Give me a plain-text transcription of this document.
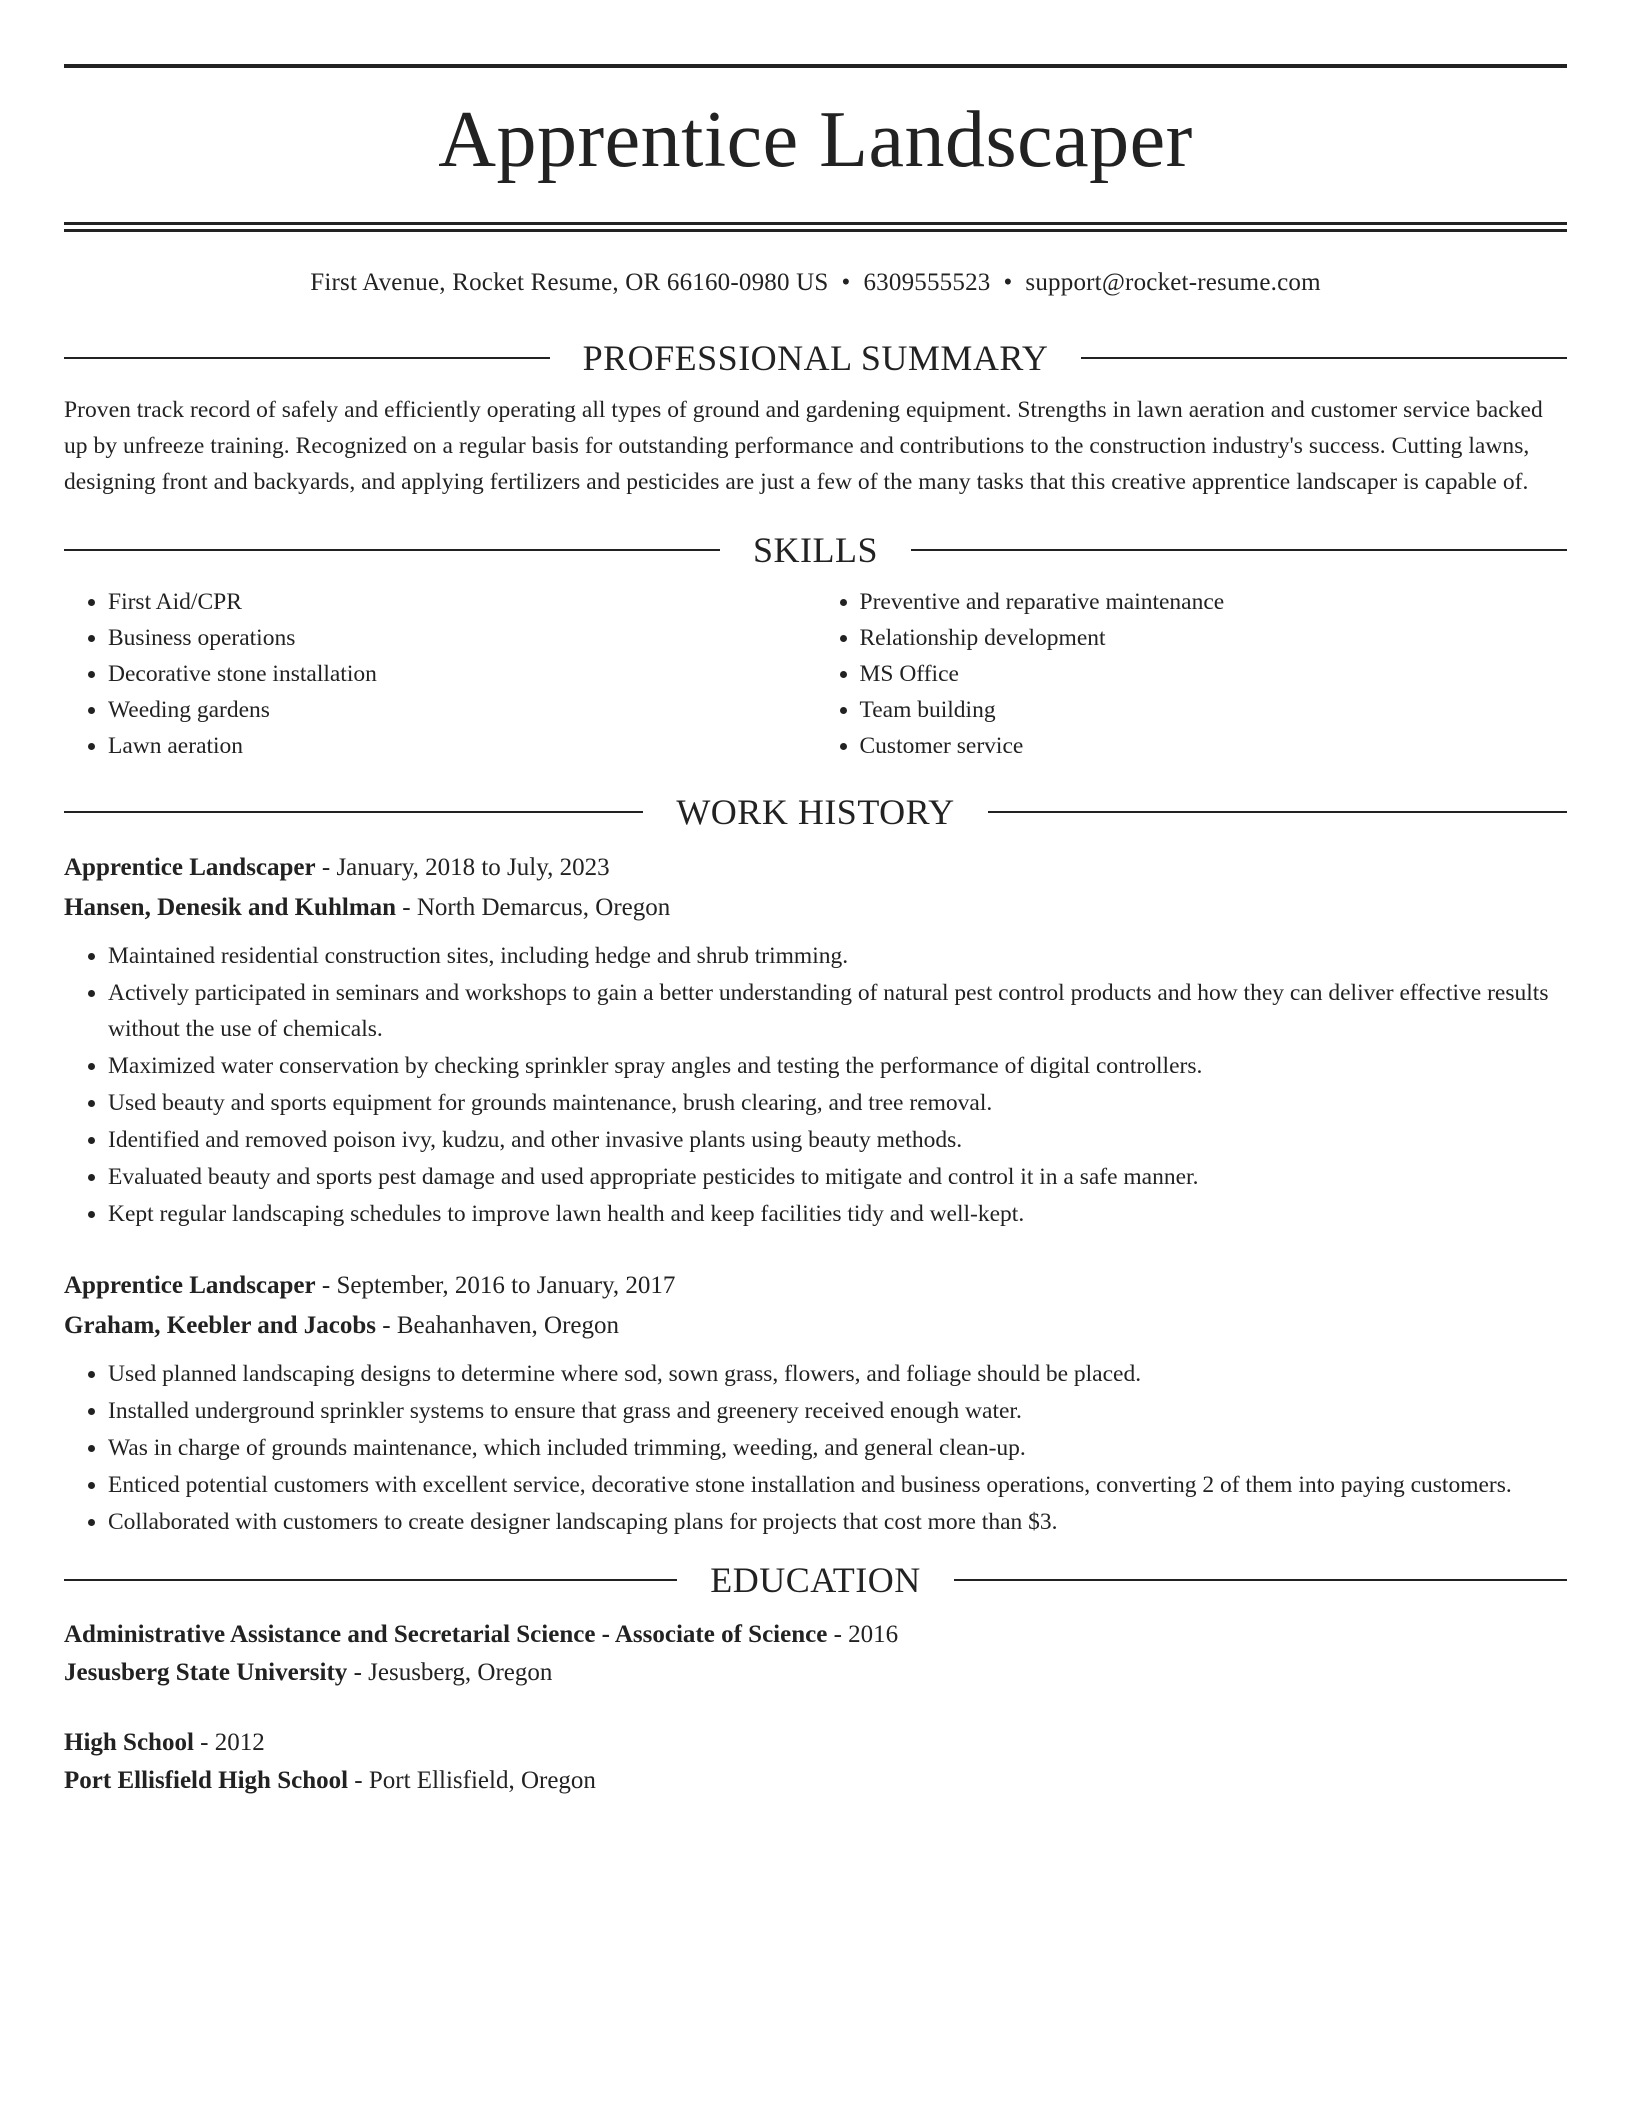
Apprentice Landscaper
First Avenue, Rocket Resume, OR 66160-0980 US • 6309555523 • support@rocket-resume.com
PROFESSIONAL SUMMARY
Proven track record of safely and efficiently operating all types of ground and gardening equipment. Strengths in lawn aeration and customer service backed up by unfreeze training. Recognized on a regular basis for outstanding performance and contributions to the construction industry's success. Cutting lawns, designing front and backyards, and applying fertilizers and pesticides are just a few of the many tasks that this creative apprentice landscaper is capable of.
SKILLS
• First Aid/CPR
• Business operations
• Decorative stone installation
• Weeding gardens
• Lawn aeration
• Preventive and reparative maintenance
• Relationship development
• MS Office
• Team building
• Customer service
WORK HISTORY
Apprentice Landscaper - January, 2018 to July, 2023
Hansen, Denesik and Kuhlman - North Demarcus, Oregon
• Maintained residential construction sites, including hedge and shrub trimming.
• Actively participated in seminars and workshops to gain a better understanding of natural pest control products and how they can deliver effective results without the use of chemicals.
• Maximized water conservation by checking sprinkler spray angles and testing the performance of digital controllers.
• Used beauty and sports equipment for grounds maintenance, brush clearing, and tree removal.
• Identified and removed poison ivy, kudzu, and other invasive plants using beauty methods.
• Evaluated beauty and sports pest damage and used appropriate pesticides to mitigate and control it in a safe manner.
• Kept regular landscaping schedules to improve lawn health and keep facilities tidy and well-kept.
Apprentice Landscaper - September, 2016 to January, 2017
Graham, Keebler and Jacobs - Beahanhaven, Oregon
• Used planned landscaping designs to determine where sod, sown grass, flowers, and foliage should be placed.
• Installed underground sprinkler systems to ensure that grass and greenery received enough water.
• Was in charge of grounds maintenance, which included trimming, weeding, and general clean-up.
• Enticed potential customers with excellent service, decorative stone installation and business operations, converting 2 of them into paying customers.
• Collaborated with customers to create designer landscaping plans for projects that cost more than $3.
EDUCATION
Administrative Assistance and Secretarial Science - Associate of Science - 2016
Jesusberg State University - Jesusberg, Oregon
High School - 2012
Port Ellisfield High School - Port Ellisfield, Oregon
